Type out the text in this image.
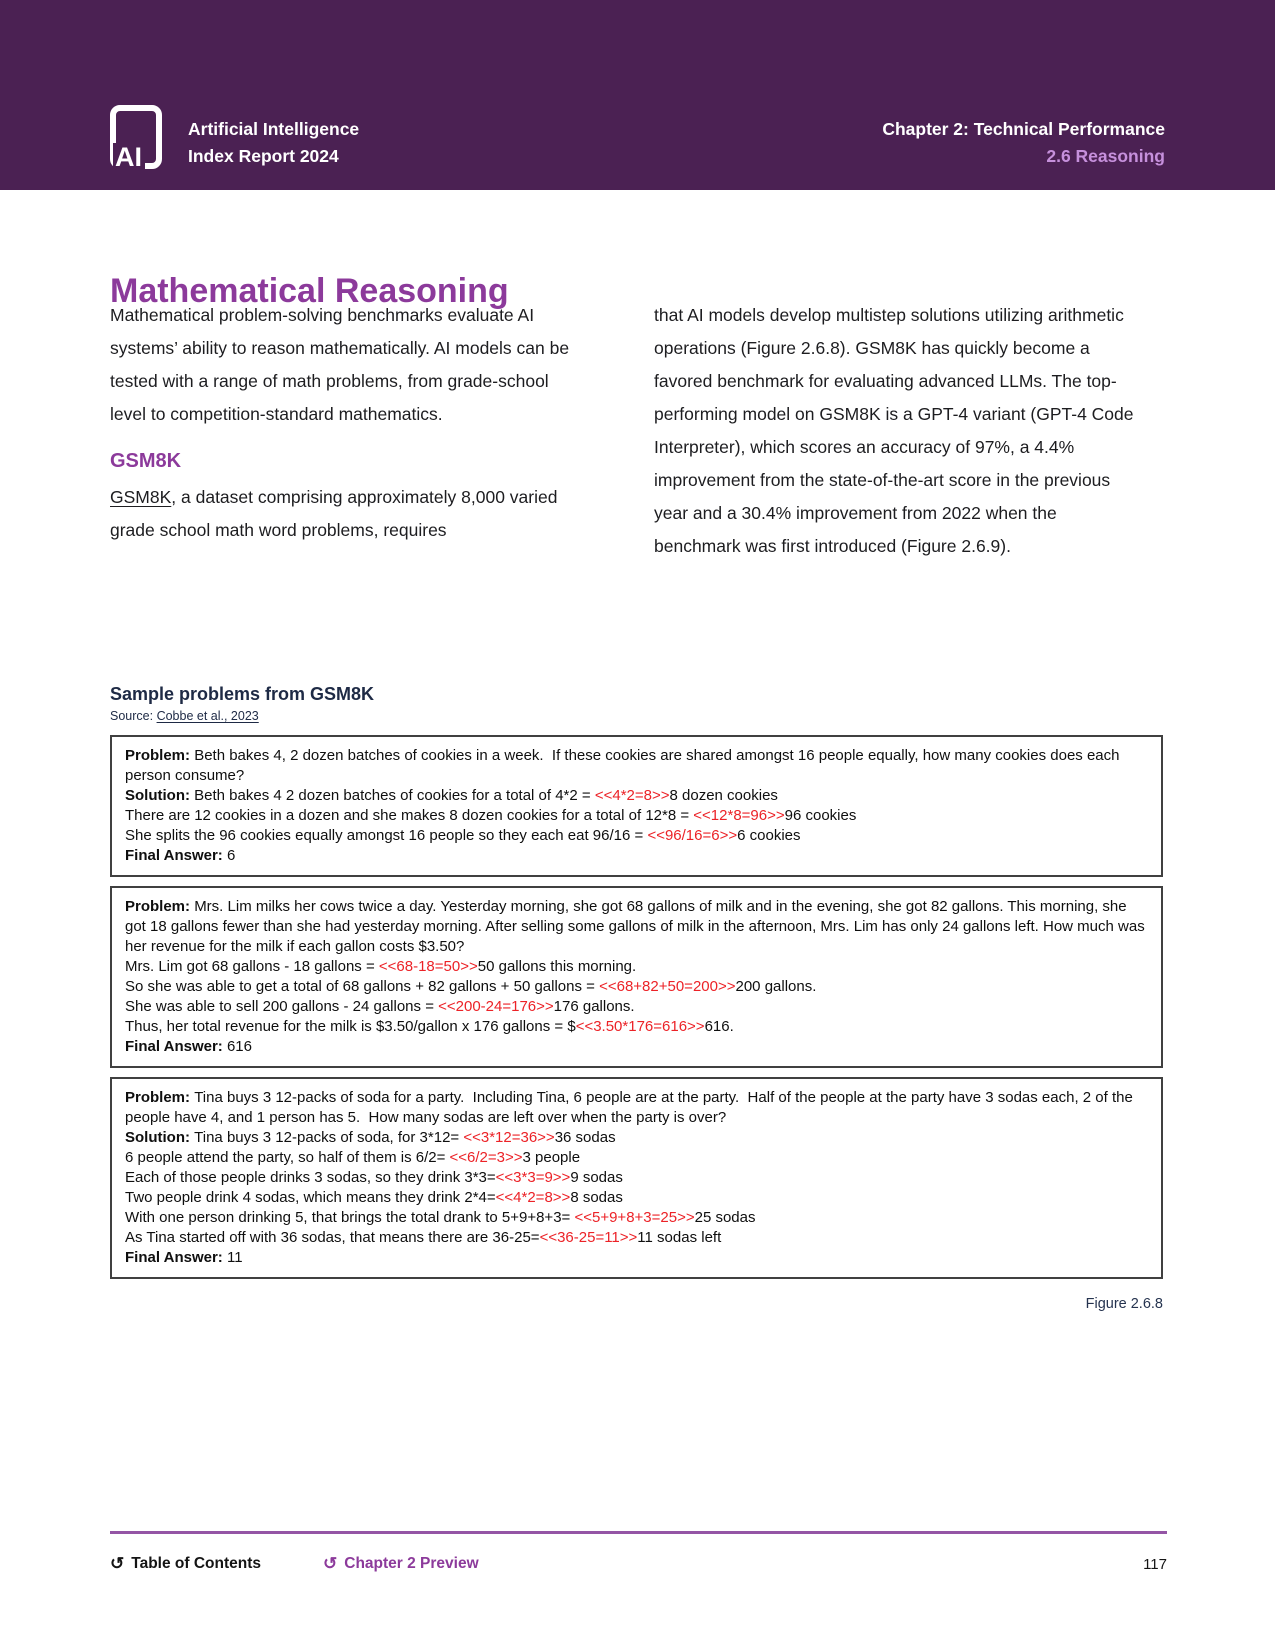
AI
Artificial Intelligence
Index Report 2024
Chapter 2: Technical Performance
2.6 Reasoning
Mathematical Reasoning

Mathematical problem-solving benchmarks evaluate AI systems’ ability to reason mathematically. AI models can be tested with a range of math problems, from grade-school level to competition-standard mathematics.

GSM8K

GSM8K, a dataset comprising approximately 8,000 varied grade school math word problems, requires

that AI models develop multistep solutions utilizing arithmetic operations (Figure 2.6.8). GSM8K has quickly become a favored benchmark for evaluating advanced LLMs. The top-performing model on GSM8K is a GPT-4 variant (GPT-4 Code Interpreter), which scores an accuracy of 97%, a 4.4% improvement from the state-of-the-art score in the previous year and a 30.4% improvement from 2022 when the benchmark was first introduced (Figure 2.6.9).

Sample problems from GSM8K

Source: Cobbe et al., 2023

Problem: Beth bakes 4, 2 dozen batches of cookies in a week.  If these cookies are shared amongst 16 people equally, how many cookies does each person consume?
Solution: Beth bakes 4 2 dozen batches of cookies for a total of 4*2 = <<4*2=8>>8 dozen cookies
There are 12 cookies in a dozen and she makes 8 dozen cookies for a total of 12*8 = <<12*8=96>>96 cookies
She splits the 96 cookies equally amongst 16 people so they each eat 96/16 = <<96/16=6>>6 cookies
Final Answer: 6
Problem: Mrs. Lim milks her cows twice a day. Yesterday morning, she got 68 gallons of milk and in the evening, she got 82 gallons. This morning, she got 18 gallons fewer than she had yesterday morning. After selling some gallons of milk in the afternoon, Mrs. Lim has only 24 gallons left. How much was her revenue for the milk if each gallon costs $3.50?
Mrs. Lim got 68 gallons - 18 gallons = <<68-18=50>>50 gallons this morning.
So she was able to get a total of 68 gallons + 82 gallons + 50 gallons = <<68+82+50=200>>200 gallons.
She was able to sell 200 gallons - 24 gallons = <<200-24=176>>176 gallons.
Thus, her total revenue for the milk is $3.50/gallon x 176 gallons = $<<3.50*176=616>>616.
Final Answer: 616
Problem: Tina buys 3 12-packs of soda for a party.  Including Tina, 6 people are at the party.  Half of the people at the party have 3 sodas each, 2 of the people have 4, and 1 person has 5.  How many sodas are left over when the party is over?
Solution: Tina buys 3 12-packs of soda, for 3*12= <<3*12=36>>36 sodas
6 people attend the party, so half of them is 6/2= <<6/2=3>>3 people
Each of those people drinks 3 sodas, so they drink 3*3=<<3*3=9>>9 sodas
Two people drink 4 sodas, which means they drink 2*4=<<4*2=8>>8 sodas
With one person drinking 5, that brings the total drank to 5+9+8+3= <<5+9+8+3=25>>25 sodas
As Tina started off with 36 sodas, that means there are 36-25=<<36-25=11>>11 sodas left
Final Answer: 11
Figure 2.6.8
↺ Table of Contents	↺ Chapter 2 Preview	117
